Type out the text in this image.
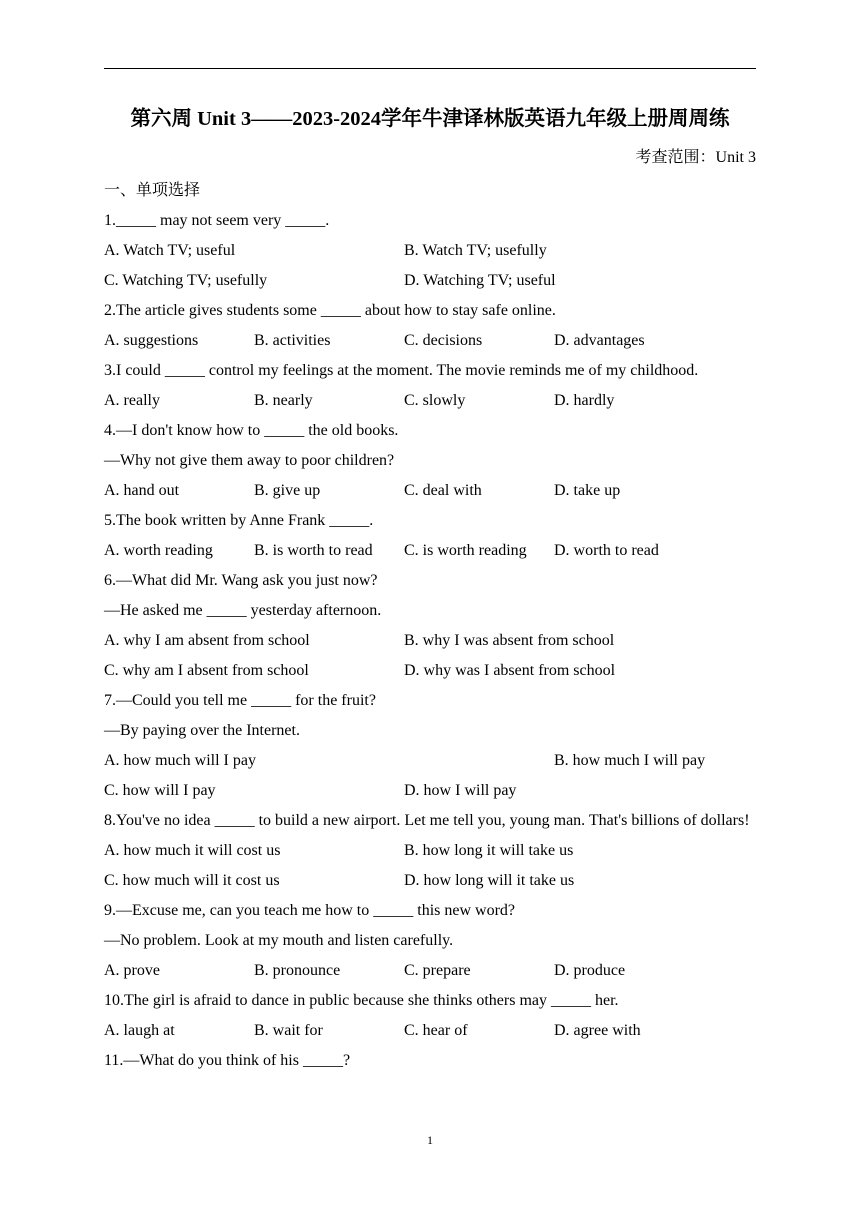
第六周 Unit 3——2023-2024学年牛津译林版英语九年级上册周周练
考查范围：Unit 3
一、单项选择
1._____ may not seem very _____.
A. Watch TV; useful	B. Watch TV; usefully
C. Watching TV; usefully	D. Watching TV; useful
2.The article gives students some _____ about how to stay safe online.
A. suggestions	B. activities	C. decisions	D. advantages
3.I could _____ control my feelings at the moment. The movie reminds me of my childhood.
A. really	B. nearly	C. slowly	D. hardly
4.—I don't know how to _____ the old books.
—Why not give them away to poor children?
A. hand out	B. give up	C. deal with	D. take up
5.The book written by Anne Frank _____.
A. worth reading	B. is worth to read	C. is worth reading	D. worth to read
6.—What did Mr. Wang ask you just now?
—He asked me _____ yesterday afternoon.
A. why I am absent from school	B. why I was absent from school
C. why am I absent from school	D. why was I absent from school
7.—Could you tell me _____ for the fruit?
—By paying over the Internet.
A. how much will I pay	B. how much I will pay
C. how will I pay	D. how I will pay
8.You've no idea _____ to build a new airport. Let me tell you, young man. That's billions of dollars!
A. how much it will cost us	B. how long it will take us
C. how much will it cost us	D. how long will it take us
9.—Excuse me, can you teach me how to _____ this new word?
—No problem. Look at my mouth and listen carefully.
A. prove	B. pronounce	C. prepare	D. produce
10.The girl is afraid to dance in public because she thinks others may _____ her.
A. laugh at	B. wait for	C. hear of	D. agree with
11.—What do you think of his _____?
1
